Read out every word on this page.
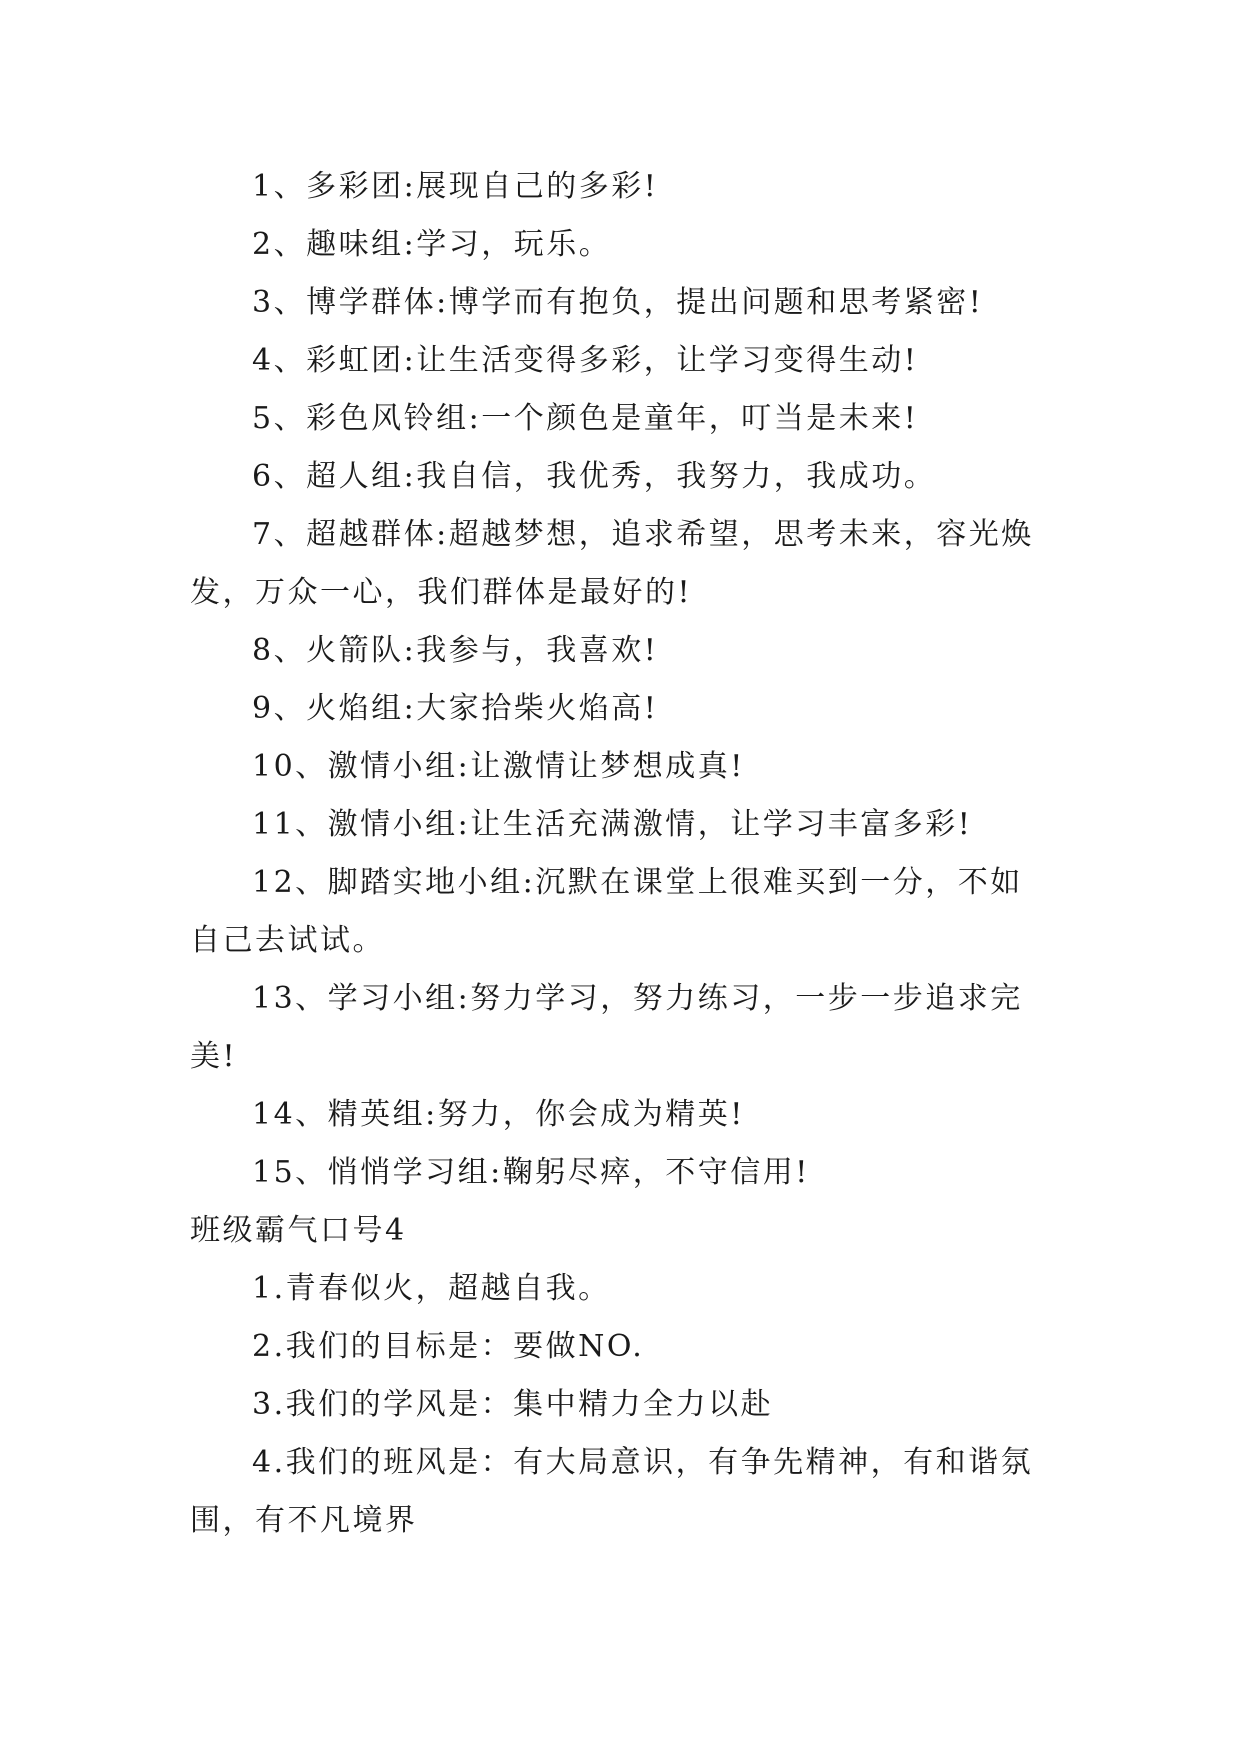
1、多彩团:展现自己的多彩!

2、趣味组:学习，玩乐。

3、博学群体:博学而有抱负，提出问题和思考紧密!

4、彩虹团:让生活变得多彩，让学习变得生动!

5、彩色风铃组:一个颜色是童年，叮当是未来!

6、超人组:我自信，我优秀，我努力，我成功。

7、超越群体:超越梦想，追求希望，思考未来，容光焕发，万众一心，我们群体是最好的!

8、火箭队:我参与，我喜欢!

9、火焰组:大家拾柴火焰高!

10、激情小组:让激情让梦想成真!

11、激情小组:让生活充满激情，让学习丰富多彩!

12、脚踏实地小组:沉默在课堂上很难买到一分，不如自己去试试。

13、学习小组:努力学习，努力练习，一步一步追求完美!

14、精英组:努力，你会成为精英!

15、悄悄学习组:鞠躬尽瘁，不守信用!

班级霸气口号4

1.青春似火，超越自我。

2.我们的目标是：要做NO.

3.我们的学风是：集中精力全力以赴

4.我们的班风是：有大局意识，有争先精神，有和谐氛围，有不凡境界
